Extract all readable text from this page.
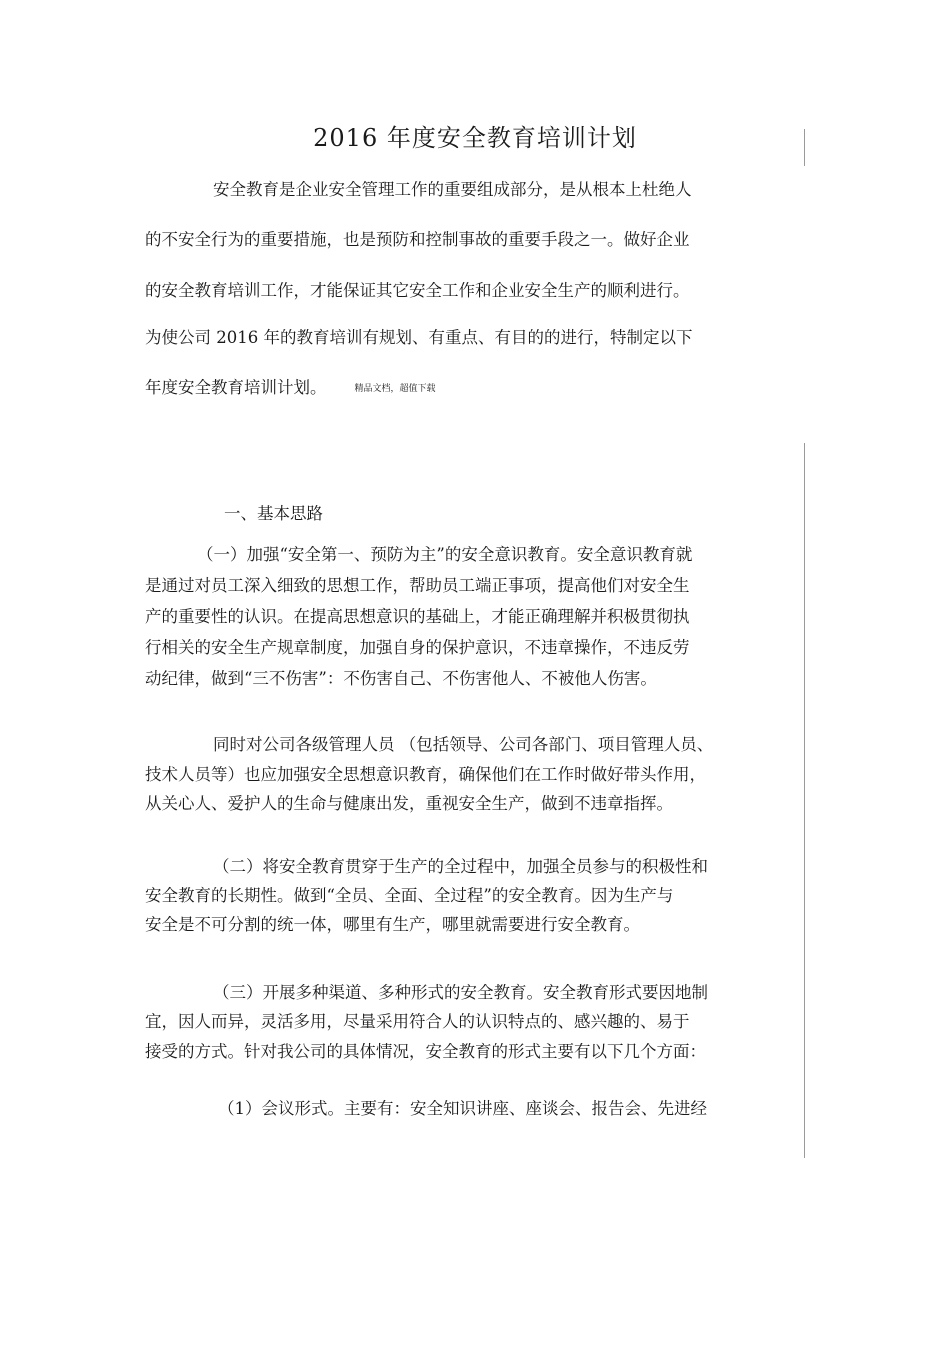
2016 年度安全教育培训计划
安全教育是企业安全管理工作的重要组成部分，是从根本上杜绝人
的不安全行为的重要措施，也是预防和控制事故的重要手段之一。做好企业
的安全教育培训工作，才能保证其它安全工作和企业安全生产的顺利进行。
为使公司 2016 年的教育培训有规划、有重点、有目的的进行，特制定以下
年度安全教育培训计划。	精品文档，超值下载
一、基本思路
（一）加强“安全第一、预防为主”的安全意识教育。安全意识教育就
是通过对员工深入细致的思想工作，帮助员工端正事项，提高他们对安全生
产的重要性的认识。在提高思想意识的基础上，才能正确理解并积极贯彻执
行相关的安全生产规章制度，加强自身的保护意识，不违章操作，不违反劳
动纪律，做到“三不伤害”：不伤害自己、不伤害他人、不被他人伤害。
同时对公司各级管理人员 （包括领导、公司各部门、项目管理人员、
技术人员等）也应加强安全思想意识教育，确保他们在工作时做好带头作用，
从关心人、爱护人的生命与健康出发，重视安全生产，做到不违章指挥。
（二）将安全教育贯穿于生产的全过程中，加强全员参与的积极性和
安全教育的长期性。做到“全员、全面、全过程”的安全教育。因为生产与
安全是不可分割的统一体，哪里有生产，哪里就需要进行安全教育。
（三）开展多种渠道、多种形式的安全教育。安全教育形式要因地制
宜，因人而异，灵活多用，尽量采用符合人的认识特点的、感兴趣的、易于
接受的方式。针对我公司的具体情况，安全教育的形式主要有以下几个方面：
（1）会议形式。主要有：安全知识讲座、座谈会、报告会、先进经
